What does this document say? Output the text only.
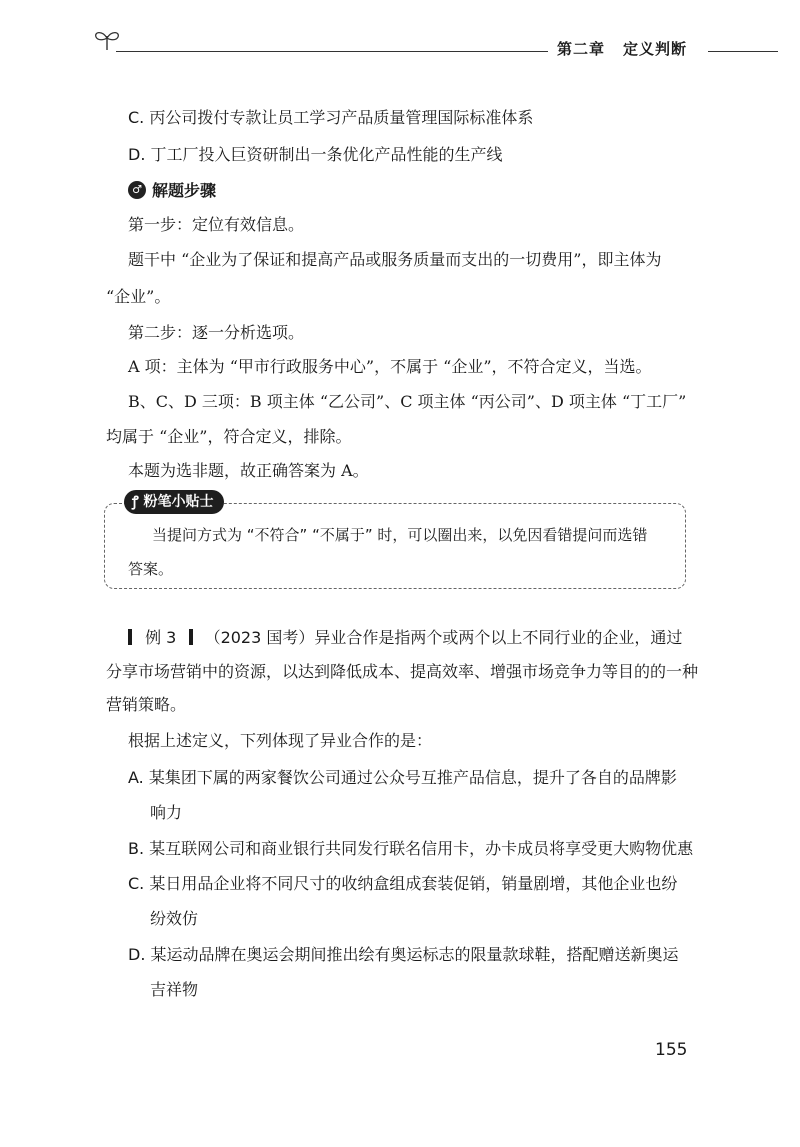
第二章 定义判断
C. 丙公司拨付专款让员工学习产品质量管理国际标准体系
D. 丁工厂投入巨资研制出一条优化产品性能的生产线
♂ 解题步骤
第一步：定位有效信息。
题干中 “企业为了保证和提高产品或服务质量而支出的一切费用”，即主体为
“企业”。
第二步：逐一分析选项。
A 项：主体为 “甲市行政服务中心”，不属于 “企业”，不符合定义，当选。
B、C、D 三项：B 项主体 “乙公司”、C 项主体 “丙公司”、D 项主体 “丁工厂”
均属于 “企业”，符合定义，排除。
本题为选非题，故正确答案为 A。
ꝭ 粉笔小贴士
当提问方式为 “不符合” “不属于” 时，可以圈出来，以免因看错提问而选错
答案。
例 3 （2023 国考）异业合作是指两个或两个以上不同行业的企业，通过
分享市场营销中的资源，以达到降低成本、提高效率、增强市场竞争力等目的的一种
营销策略。
根据上述定义，下列体现了异业合作的是：
A. 某集团下属的两家餐饮公司通过公众号互推产品信息，提升了各自的品牌影
响力
B. 某互联网公司和商业银行共同发行联名信用卡，办卡成员将享受更大购物优惠
C. 某日用品企业将不同尺寸的收纳盒组成套装促销，销量剧增，其他企业也纷
纷效仿
D. 某运动品牌在奥运会期间推出绘有奥运标志的限量款球鞋，搭配赠送新奥运
吉祥物
155
